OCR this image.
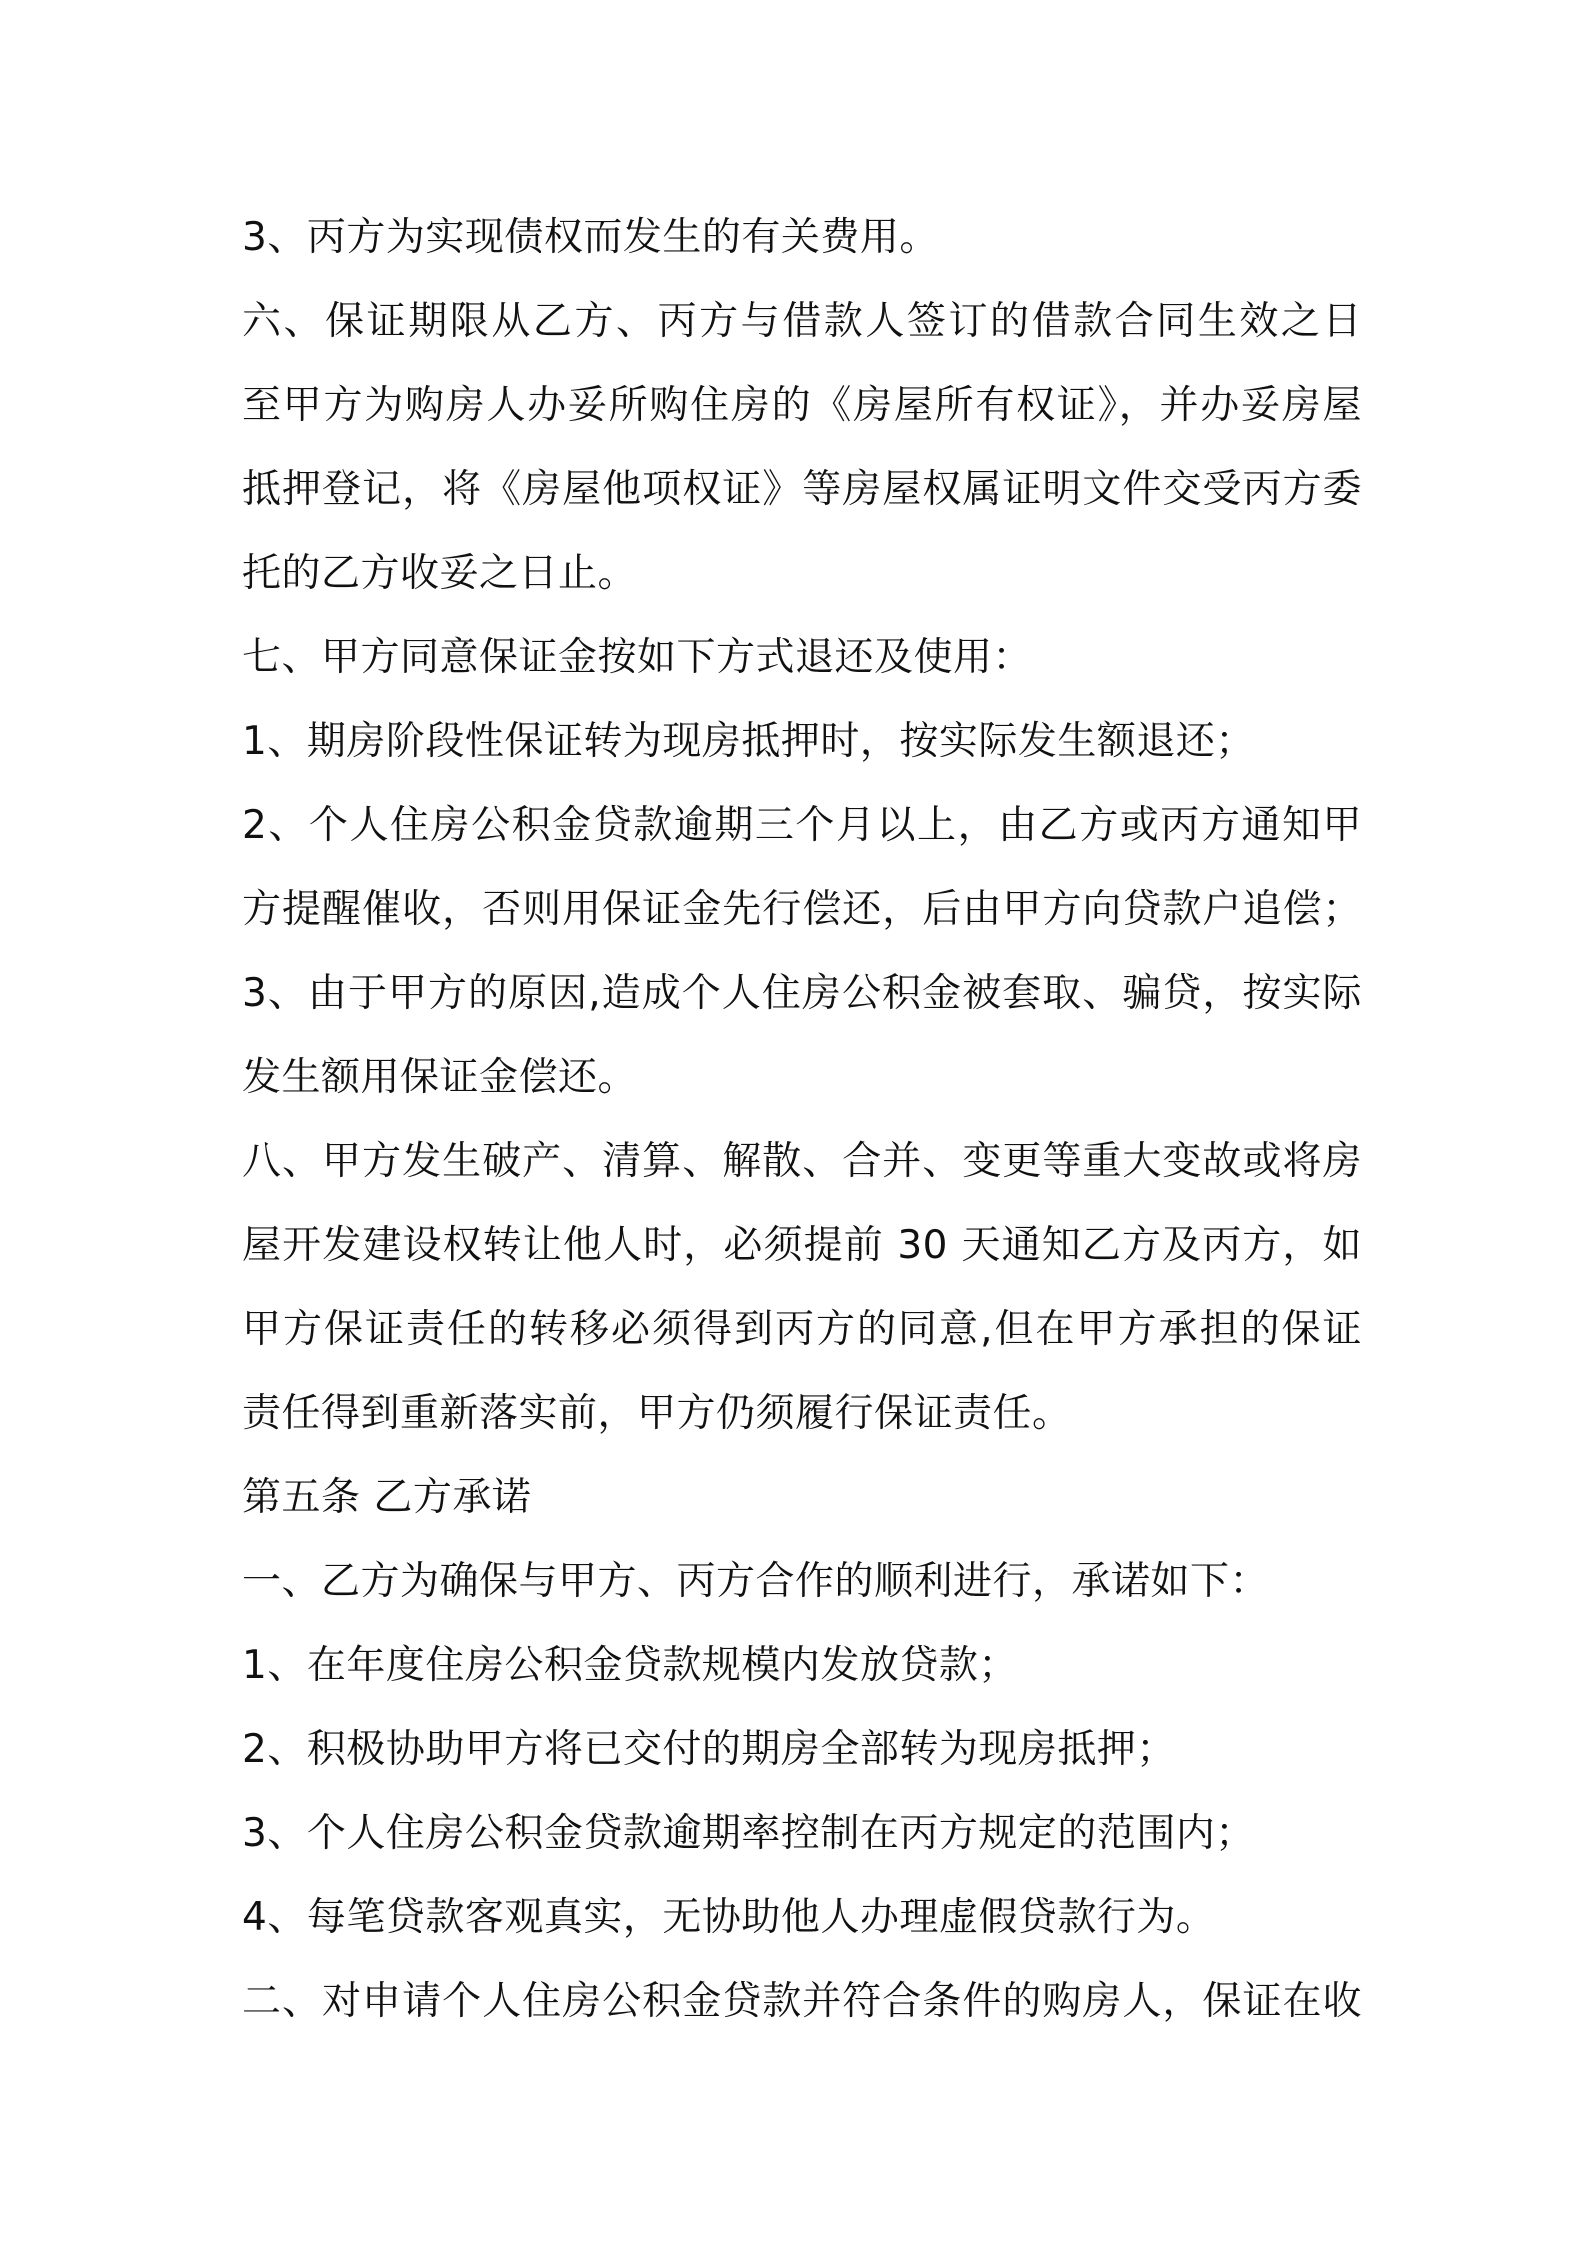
3、丙方为实现债权而发生的有关费用。
六、保证期限从乙方、丙方与借款人签订的借款合同生效之日
至甲方为购房人办妥所购住房的《房屋所有权证》，并办妥房屋
抵押登记，将《房屋他项权证》等房屋权属证明文件交受丙方委
托的乙方收妥之日止。
七、甲方同意保证金按如下方式退还及使用：
1、期房阶段性保证转为现房抵押时，按实际发生额退还；
2、个人住房公积金贷款逾期三个月以上，由乙方或丙方通知甲
方提醒催收，否则用保证金先行偿还，后由甲方向贷款户追偿；
3、由于甲方的原因,造成个人住房公积金被套取、骗贷，按实际
发生额用保证金偿还。
八、甲方发生破产、清算、解散、合并、变更等重大变故或将房
屋开发建设权转让他人时，必须提前 30 天通知乙方及丙方，如
甲方保证责任的转移必须得到丙方的同意,但在甲方承担的保证
责任得到重新落实前，甲方仍须履行保证责任。
第五条 乙方承诺
一、乙方为确保与甲方、丙方合作的顺利进行，承诺如下：
1、在年度住房公积金贷款规模内发放贷款；
2、积极协助甲方将已交付的期房全部转为现房抵押；
3、个人住房公积金贷款逾期率控制在丙方规定的范围内；
4、每笔贷款客观真实，无协助他人办理虚假贷款行为。
二、对申请个人住房公积金贷款并符合条件的购房人，保证在收
